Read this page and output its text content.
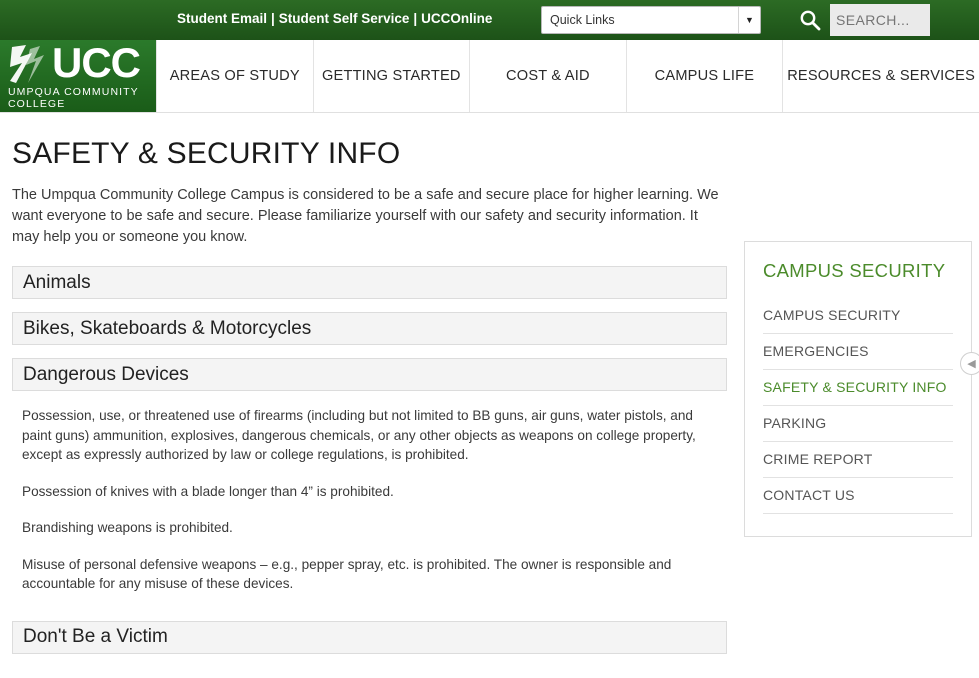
Student Email | Student Self Service | UCCOnline	Quick Links	▼
SEARCH...
UCC
UMPQUA COMMUNITY COLLEGE
AREAS OF STUDY	GETTING STARTED	COST & AID	CAMPUS LIFE	RESOURCES & SERVICES
SAFETY & SECURITY INFO

The Umpqua Community College Campus is considered to be a safe and secure place for higher learning. We want everyone to be safe and secure. Please familiarize yourself with our safety and security information. It may help you or someone you know.

Animals
Bikes, Skateboards & Motorcycles
Dangerous Devices

Possession, use, or threatened use of firearms (including but not limited to BB guns, air guns, water pistols, and paint guns) ammunition, explosives, dangerous chemicals, or any other objects as weapons on college property, except as expressly authorized by law or college regulations, is prohibited.

Possession of knives with a blade longer than 4” is prohibited.

Brandishing weapons is prohibited.

Misuse of personal defensive weapons – e.g., pepper spray, etc. is prohibited. The owner is responsible and accountable for any misuse of these devices.

Don't Be a Victim
CAMPUS SECURITY
CAMPUS SECURITY
EMERGENCIES
SAFETY & SECURITY INFO
PARKING
CRIME REPORT
CONTACT US
◀
